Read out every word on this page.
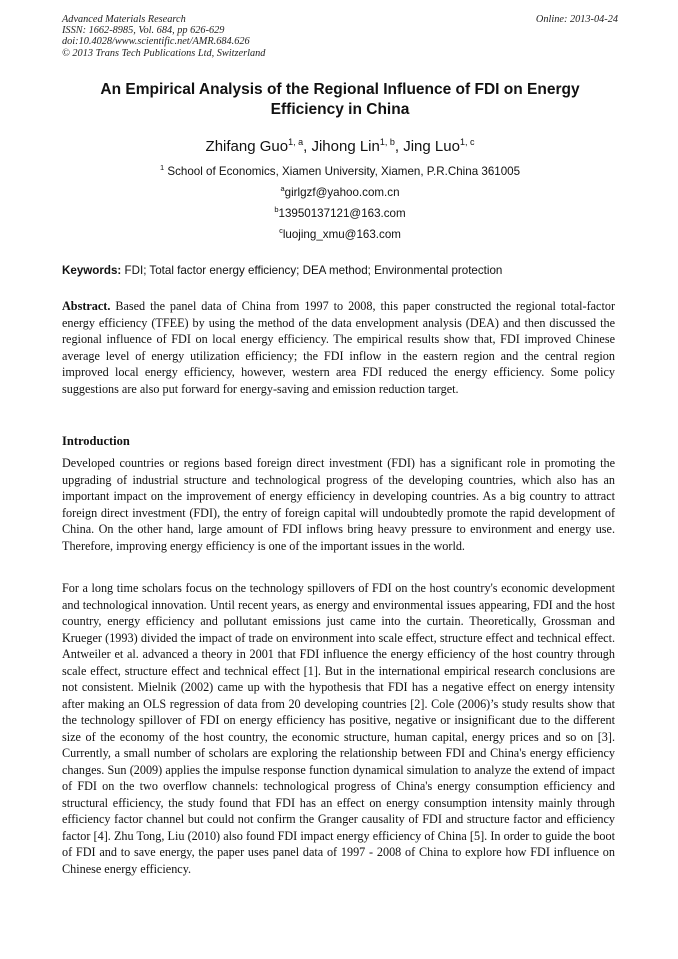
Advanced Materials Research
ISSN: 1662-8985, Vol. 684, pp 626-629
doi:10.4028/www.scientific.net/AMR.684.626
© 2013 Trans Tech Publications Ltd, Switzerland
Online: 2013-04-24
An Empirical Analysis of the Regional Influence of FDI on Energy Efficiency in China
Zhifang Guo$^{1, a}$, Jihong Lin$^{1, b}$, Jing Luo$^{1, c}$
$^1$ School of Economics, Xiamen University, Xiamen, P.R.China 361005
$^a$girlgzf@yahoo.com.cn
$^b$13950137121@163.com
$^c$luojing_xmu@163.com
Keywords: FDI; Total factor energy efficiency; DEA method; Environmental protection
Abstract. Based the panel data of China from 1997 to 2008, this paper constructed the regional total-factor energy efficiency (TFEE) by using the method of the data envelopment analysis (DEA) and then discussed the regional influence of FDI on local energy efficiency. The empirical results show that, FDI improved Chinese average level of energy utilization efficiency; the FDI inflow in the eastern region and the central region improved local energy efficiency, however, western area FDI reduced the energy efficiency. Some policy suggestions are also put forward for energy-saving and emission reduction target.
Introduction
Developed countries or regions based foreign direct investment (FDI) has a significant role in promoting the upgrading of industrial structure and technological progress of the developing countries, which also has an important impact on the improvement of energy efficiency in developing countries. As a big country to attract foreign direct investment (FDI), the entry of foreign capital will undoubtedly promote the rapid development of China. On the other hand, large amount of FDI inflows bring heavy pressure to environment and energy use. Therefore, improving energy efficiency is one of the important issues in the world.
For a long time scholars focus on the technology spillovers of FDI on the host country's economic development and technological innovation. Until recent years, as energy and environmental issues appearing, FDI and the host country, energy efficiency and pollutant emissions just came into the curtain. Theoretically, Grossman and Krueger (1993) divided the impact of trade on environment into scale effect, structure effect and technical effect. Antweiler et al. advanced a theory in 2001 that FDI influence the energy efficiency of the host country through scale effect, structure effect and technical effect [1]. But in the international empirical research conclusions are not consistent. Mielnik (2002) came up with the hypothesis that FDI has a negative effect on energy intensity after making an OLS regression of data from 20 developing countries [2]. Cole (2006)’s study results show that the technology spillover of FDI on energy efficiency has positive, negative or insignificant due to the different size of the economy of the host country, the economic structure, human capital, energy prices and so on [3]. Currently, a small number of scholars are exploring the relationship between FDI and China's energy efficiency changes. Sun (2009) applies the impulse response function dynamical simulation to analyze the extend of impact of FDI on the two overflow channels: technological progress of China's energy consumption efficiency and structural efficiency, the study found that FDI has an effect on energy consumption intensity mainly through efficiency factor channel but could not confirm the Granger causality of FDI and structure factor and efficiency factor [4]. Zhu Tong, Liu (2010) also found FDI impact energy efficiency of China [5]. In order to guide the boot of FDI and to save energy, the paper uses panel data of 1997 - 2008 of China to explore how FDI influence on Chinese energy efficiency.
